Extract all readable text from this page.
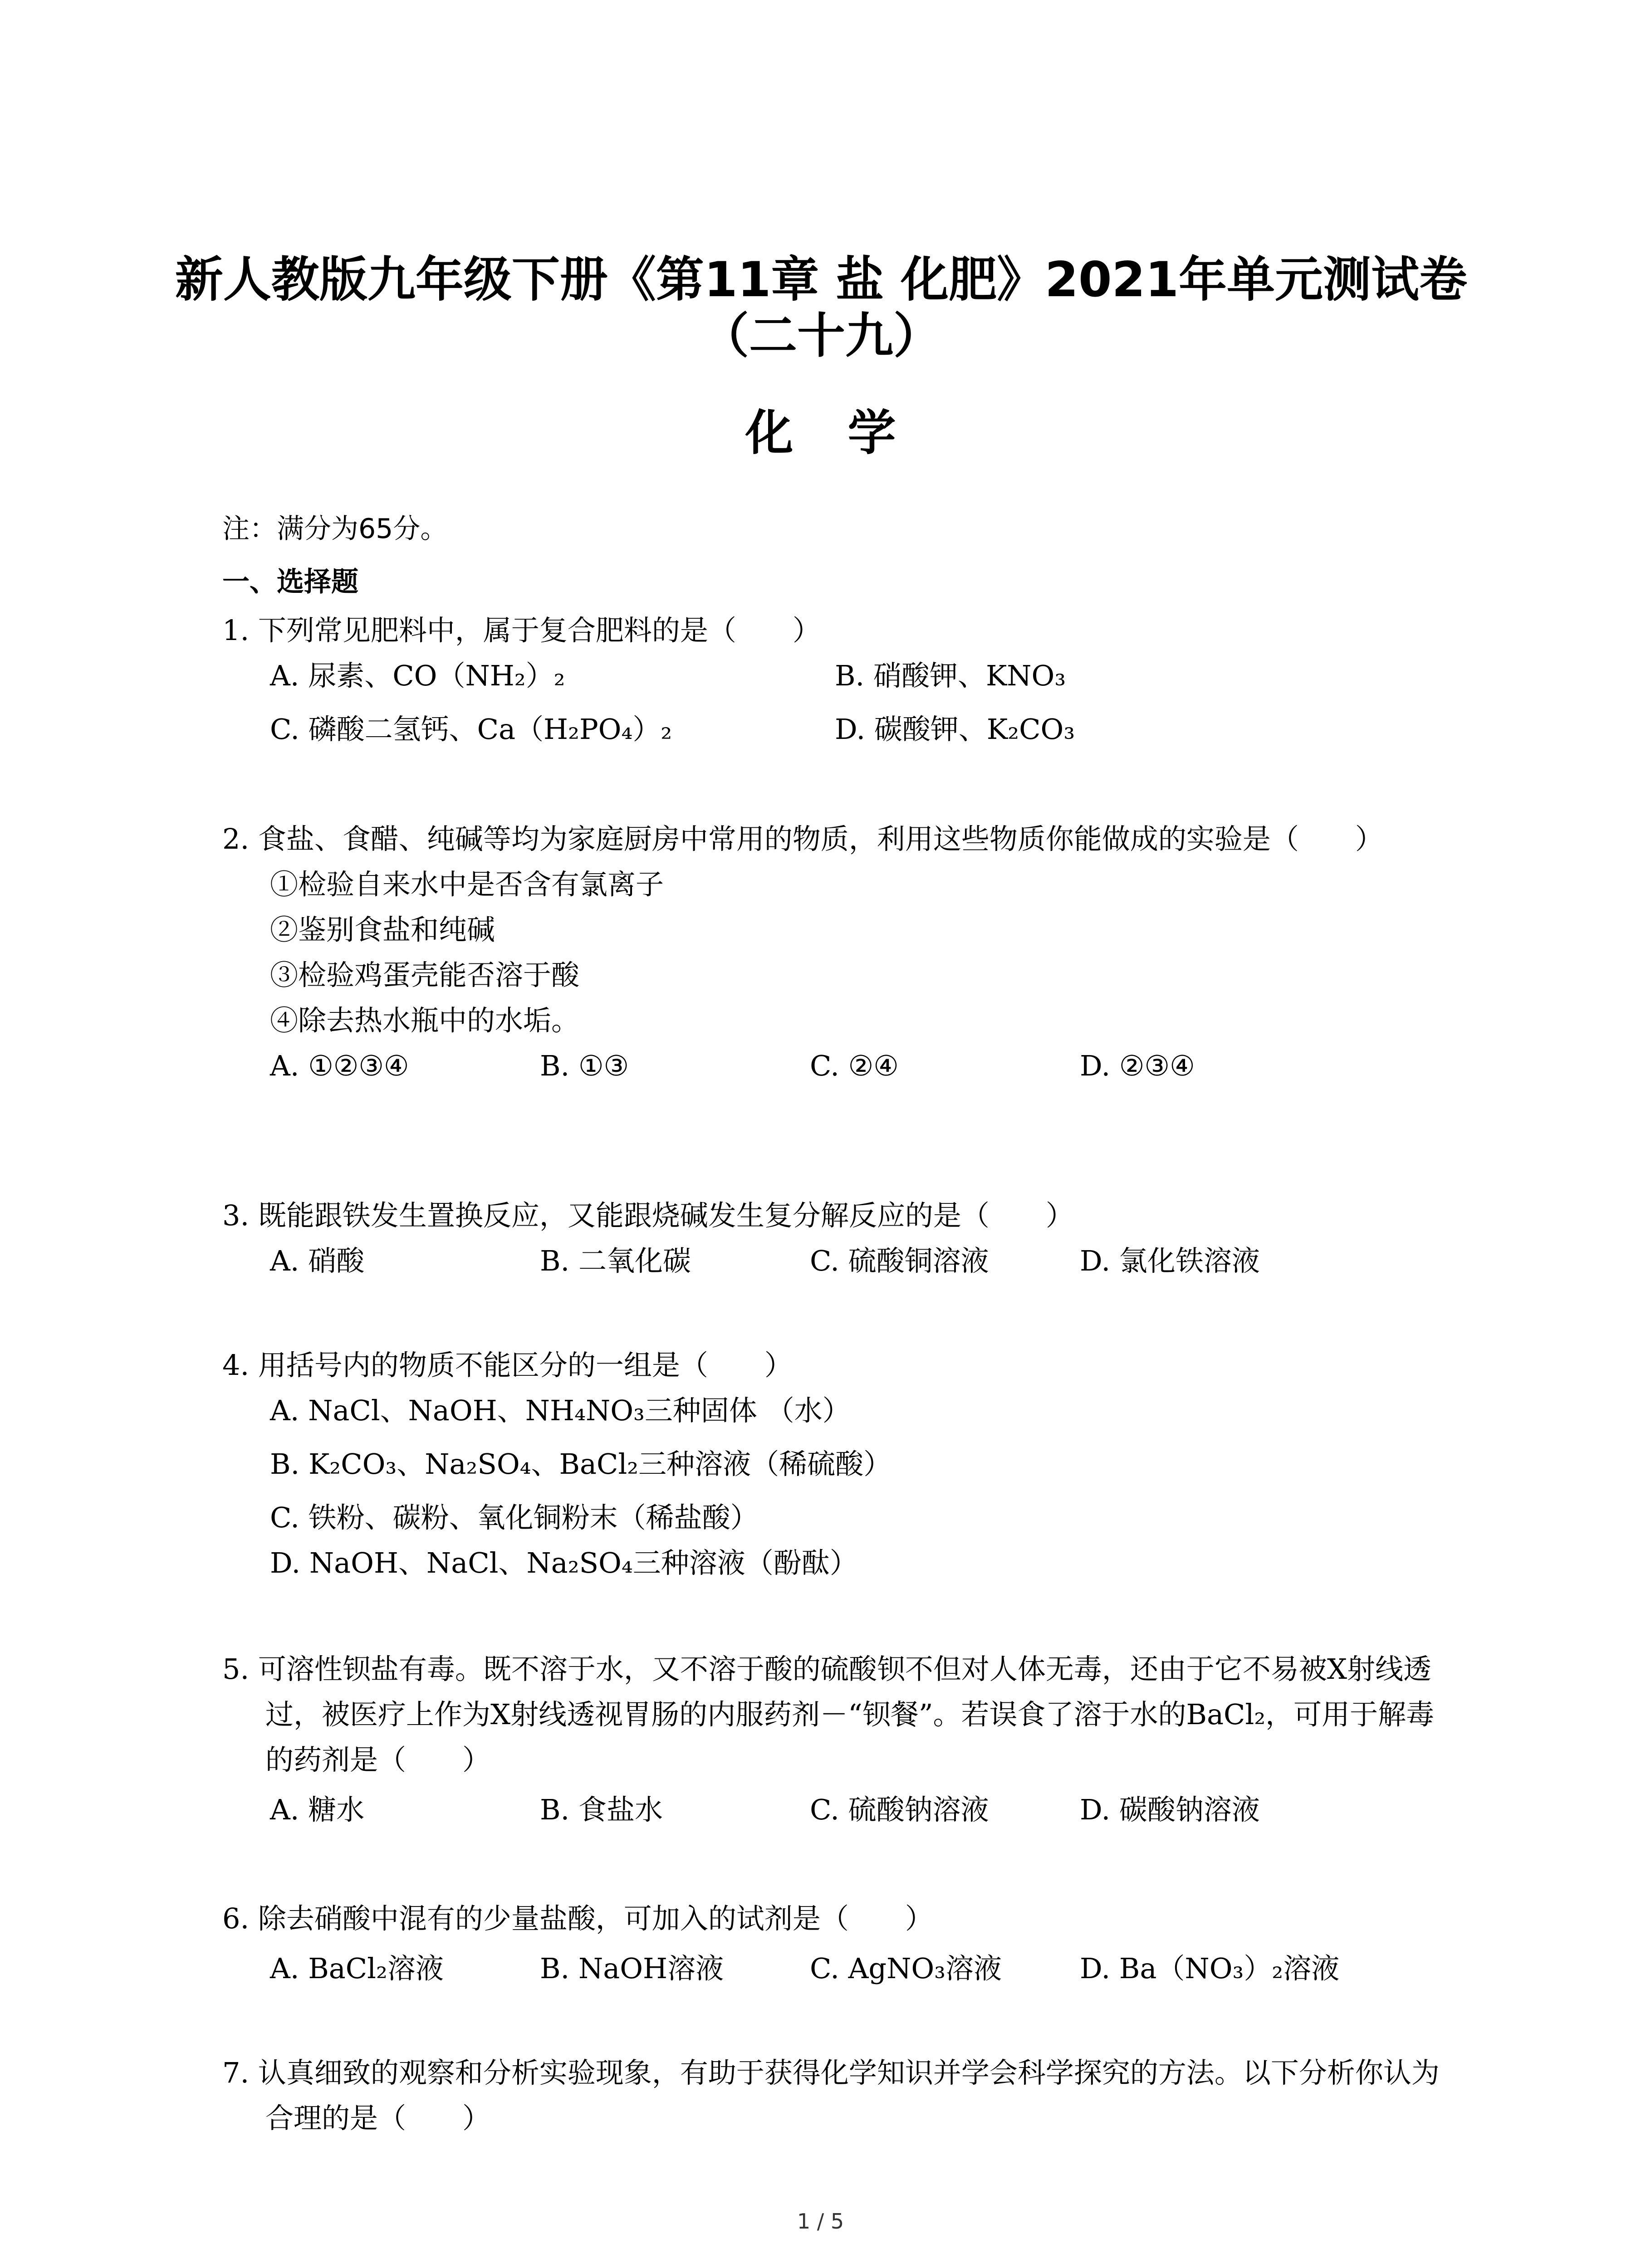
新人教版九年级下册《第11章 盐 化肥》2021年单元测试卷（二十九）
化学
注：满分为65分。
一、选择题
1. 下列常见肥料中，属于复合肥料的是（　　）
A. 尿素、CO（NH₂）₂	B. 硝酸钾、KNO₃
C. 磷酸二氢钙、Ca（H₂PO₄）₂	D. 碳酸钾、K₂CO₃
2. 食盐、食醋、纯碱等均为家庭厨房中常用的物质，利用这些物质你能做成的实验是（　　）
①检验自来水中是否含有氯离子
②鉴别食盐和纯碱
③检验鸡蛋壳能否溶于酸
④除去热水瓶中的水垢。
A. ①②③④	B. ①③	C. ②④	D. ②③④
3. 既能跟铁发生置换反应，又能跟烧碱发生复分解反应的是（　　）
A. 硝酸	B. 二氧化碳	C. 硫酸铜溶液	D. 氯化铁溶液
4. 用括号内的物质不能区分的一组是（　　）
A. NaCl、NaOH、NH₄NO₃三种固体 （水）
B. K₂CO₃、Na₂SO₄、BaCl₂三种溶液（稀硫酸）
C. 铁粉、碳粉、氧化铜粉末（稀盐酸）
D. NaOH、NaCl、Na₂SO₄三种溶液（酚酞）
5. 可溶性钡盐有毒。既不溶于水，又不溶于酸的硫酸钡不但对人体无毒，还由于它不易被X射线透过，被医疗上作为X射线透视胃肠的内服药剂－“钡餐”。若误食了溶于水的BaCl₂，可用于解毒的药剂是（　　）
A. 糖水	B. 食盐水	C. 硫酸钠溶液	D. 碳酸钠溶液
6. 除去硝酸中混有的少量盐酸，可加入的试剂是（　　）
A. BaCl₂溶液	B. NaOH溶液	C. AgNO₃溶液	D. Ba（NO₃）₂溶液
7. 认真细致的观察和分析实验现象，有助于获得化学知识并学会科学探究的方法。以下分析你认为合理的是（　　）
1 / 5
